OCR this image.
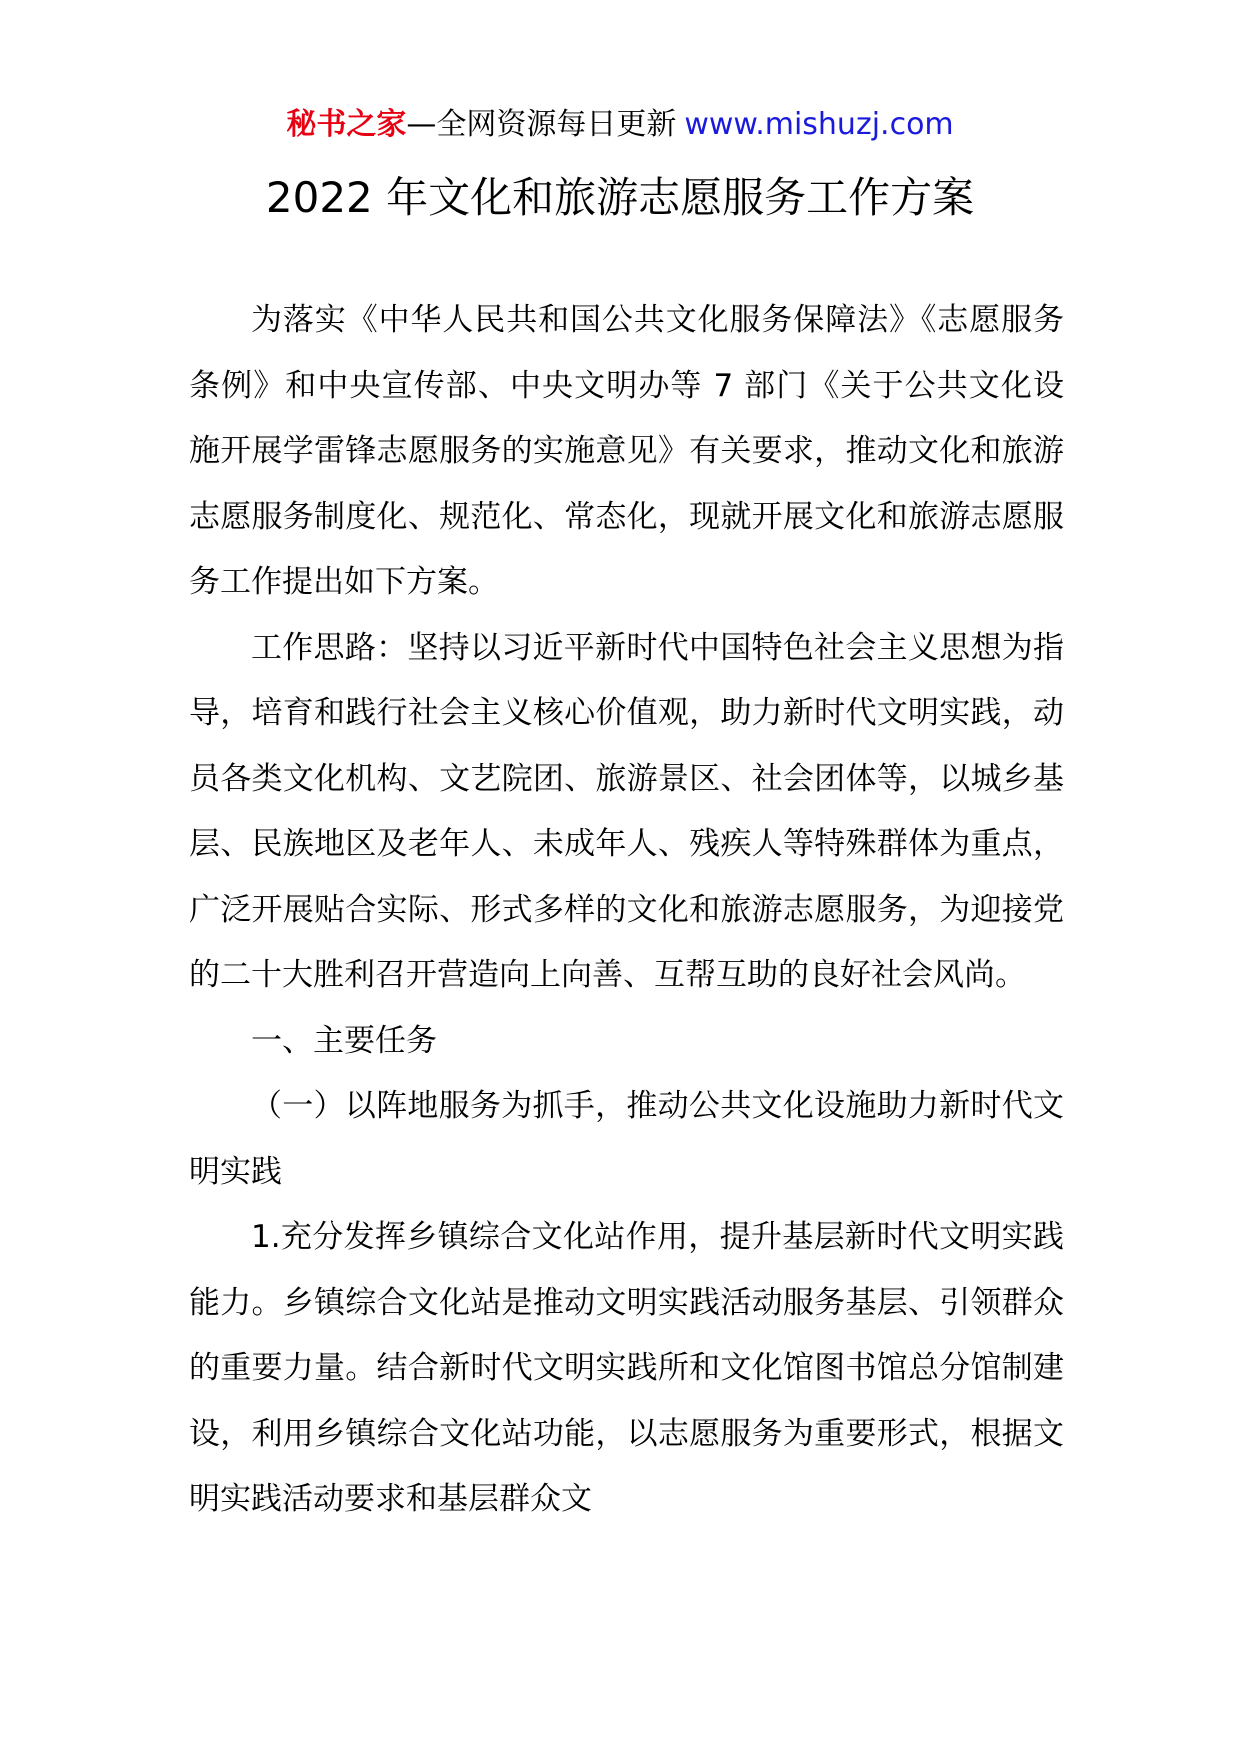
秘书之家—全网资源每日更新 www.mishuzj.com
2022 年文化和旅游志愿服务工作方案

为落实《中华人民共和国公共文化服务保障法》《志愿服务条例》和中央宣传部、中央文明办等 7 部门《关于公共文化设施开展学雷锋志愿服务的实施意见》有关要求，推动文化和旅游志愿服务制度化、规范化、常态化，现就开展文化和旅游志愿服务工作提出如下方案。

工作思路：坚持以习近平新时代中国特色社会主义思想为指导，培育和践行社会主义核心价值观，助力新时代文明实践，动员各类文化机构、文艺院团、旅游景区、社会团体等，以城乡基层、民族地区及老年人、未成年人、残疾人等特殊群体为重点，广泛开展贴合实际、形式多样的文化和旅游志愿服务，为迎接党的二十大胜利召开营造向上向善、互帮互助的良好社会风尚。

一、主要任务

（一）以阵地服务为抓手，推动公共文化设施助力新时代文明实践

1.充分发挥乡镇综合文化站作用，提升基层新时代文明实践能力。乡镇综合文化站是推动文明实践活动服务基层、引领群众的重要力量。结合新时代文明实践所和文化馆图书馆总分馆制建设，利用乡镇综合文化站功能，以志愿服务为重要形式，根据文明实践活动要求和基层群众文
